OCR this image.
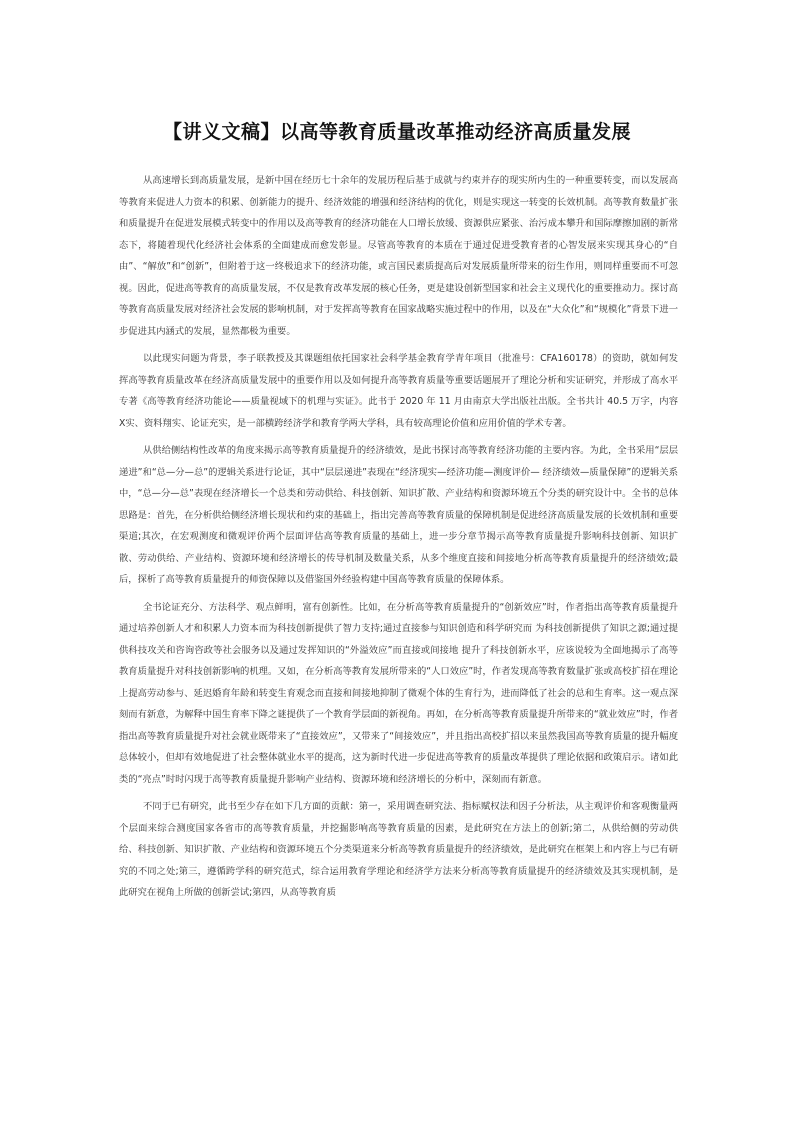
【讲义文稿】以高等教育质量改革推动经济高质量发展

从高速增长到高质量发展，是新中国在经历七十余年的发展历程后基于成就与约束并存的现实所内生的一种重要转变，而以发展高等教育来促进人力资本的积累、创新能力的提升、经济效能的增强和经济结构的优化，则是实现这一转变的长效机制。高等教育数量扩张和质量提升在促进发展模式转变中的作用以及高等教育的经济功能在人口增长放缓、资源供应紧张、治污成本攀升和国际摩擦加剧的新常态下，将随着现代化经济社会体系的全面建成而愈发彰显。尽管高等教育的本质在于通过促进受教育者的心智发展来实现其身心的“自由”、“解放”和“创新”，但附着于这一终极追求下的经济功能，或言国民素质提高后对发展质量所带来的衍生作用，则同样重要而不可忽视。因此，促进高等教育的高质量发展，不仅是教育改革发展的核心任务，更是建设创新型国家和社会主义现代化的重要推动力。探讨高等教育高质量发展对经济社会发展的影响机制，对于发挥高等教育在国家战略实施过程中的作用，以及在“大众化”和“规模化”背景下进一步促进其内涵式的发展，显然都极为重要。

以此现实问题为背景，李子联教授及其课题组依托国家社会科学基金教育学青年项目（批准号：CFA160178）的资助，就如何发挥高等教育质量改革在经济高质量发展中的重要作用以及如何提升高等教育质量等重要话题展开了理论分析和实证研究，并形成了高水平专著《高等教育经济功能论——质量视域下的机理与实证》。此书于 2020 年 11 月由南京大学出版社出版。全书共计 40.5 万字，内容X实、资料翔实、论证充实，是一部横跨经济学和教育学两大学科，具有较高理论价值和应用价值的学术专著。

从供给侧结构性改革的角度来揭示高等教育质量提升的经济绩效，是此书探讨高等教育经济功能的主要内容。为此，全书采用“层层递进”和“总—分—总”的逻辑关系进行论证，其中“层层递进”表现在“经济现实—经济功能—测度评价— 经济绩效—质量保障”的逻辑关系中，“总—分—总”表现在经济增长一个总类和劳动供给、科技创新、知识扩散、产业结构和资源环境五个分类的研究设计中。全书的总体思路是：首先，在分析供给侧经济增长现状和约束的基础上，指出完善高等教育质量的保障机制是促进经济高质量发展的长效机制和重要渠道;其次，在宏观测度和微观评价两个层面评估高等教育质量的基础上，进一步分章节揭示高等教育质量提升影响科技创新、知识扩散、劳动供给、产业结构、资源环境和经济增长的传导机制及数量关系，从多个维度直接和间接地分析高等教育质量提升的经济绩效;最后，探析了高等教育质量提升的师资保障以及借鉴国外经验构建中国高等教育质量的保障体系。

全书论证充分、方法科学、观点鲜明，富有创新性。比如，在分析高等教育质量提升的“创新效应”时，作者指出高等教育质量提升通过培养创新人才和积累人力资本而为科技创新提供了智力支持;通过直接参与知识创造和科学研究而 为科技创新提供了知识之源;通过提供科技攻关和咨询咨政等社会服务以及通过发挥知识的“外溢效应”而直接或间接地 提升了科技创新水平，应该说较为全面地揭示了高等教育质量提升对科技创新影响的机理。又如，在分析高等教育发展所带来的“人口效应”时，作者发现高等教育数量扩张或高校扩招在理论上提高劳动参与、延迟婚育年龄和转变生育观念而直接和间接地抑制了微观个体的生育行为，进而降低了社会的总和生育率。这一观点深刻而有新意，为解释中国生育率下降之谜提供了一个教育学层面的新视角。再如，在分析高等教育质量提升所带来的“就业效应”时，作者指出高等教育质量提升对社会就业既带来了“直接效应”，又带来了“间接效应”，并且指出高校扩招以来虽然我国高等教育质量的提升幅度总体较小，但却有效地促进了社会整体就业水平的提高，这为新时代进一步促进高等教育的质量改革提供了理论依据和政策启示。诸如此类的“亮点”时时闪现于高等教育质量提升影响产业结构、资源环境和经济增长的分析中，深刻而有新意。

不同于已有研究，此书至少存在如下几方面的贡献：第一，采用调查研究法、指标赋权法和因子分析法，从主观评价和客观衡量两个层面来综合测度国家各省市的高等教育质量，并挖掘影响高等教育质量的因素，是此研究在方法上的创新;第二，从供给侧的劳动供给、科技创新、知识扩散、产业结构和资源环境五个分类渠道来分析高等教育质量提升的经济绩效，是此研究在框架上和内容上与已有研究的不同之处;第三，遵循跨学科的研究范式，综合运用教育学理论和经济学方法来分析高等教育质量提升的经济绩效及其实现机制，是此研究在视角上所做的创新尝试;第四，从高等教育质
